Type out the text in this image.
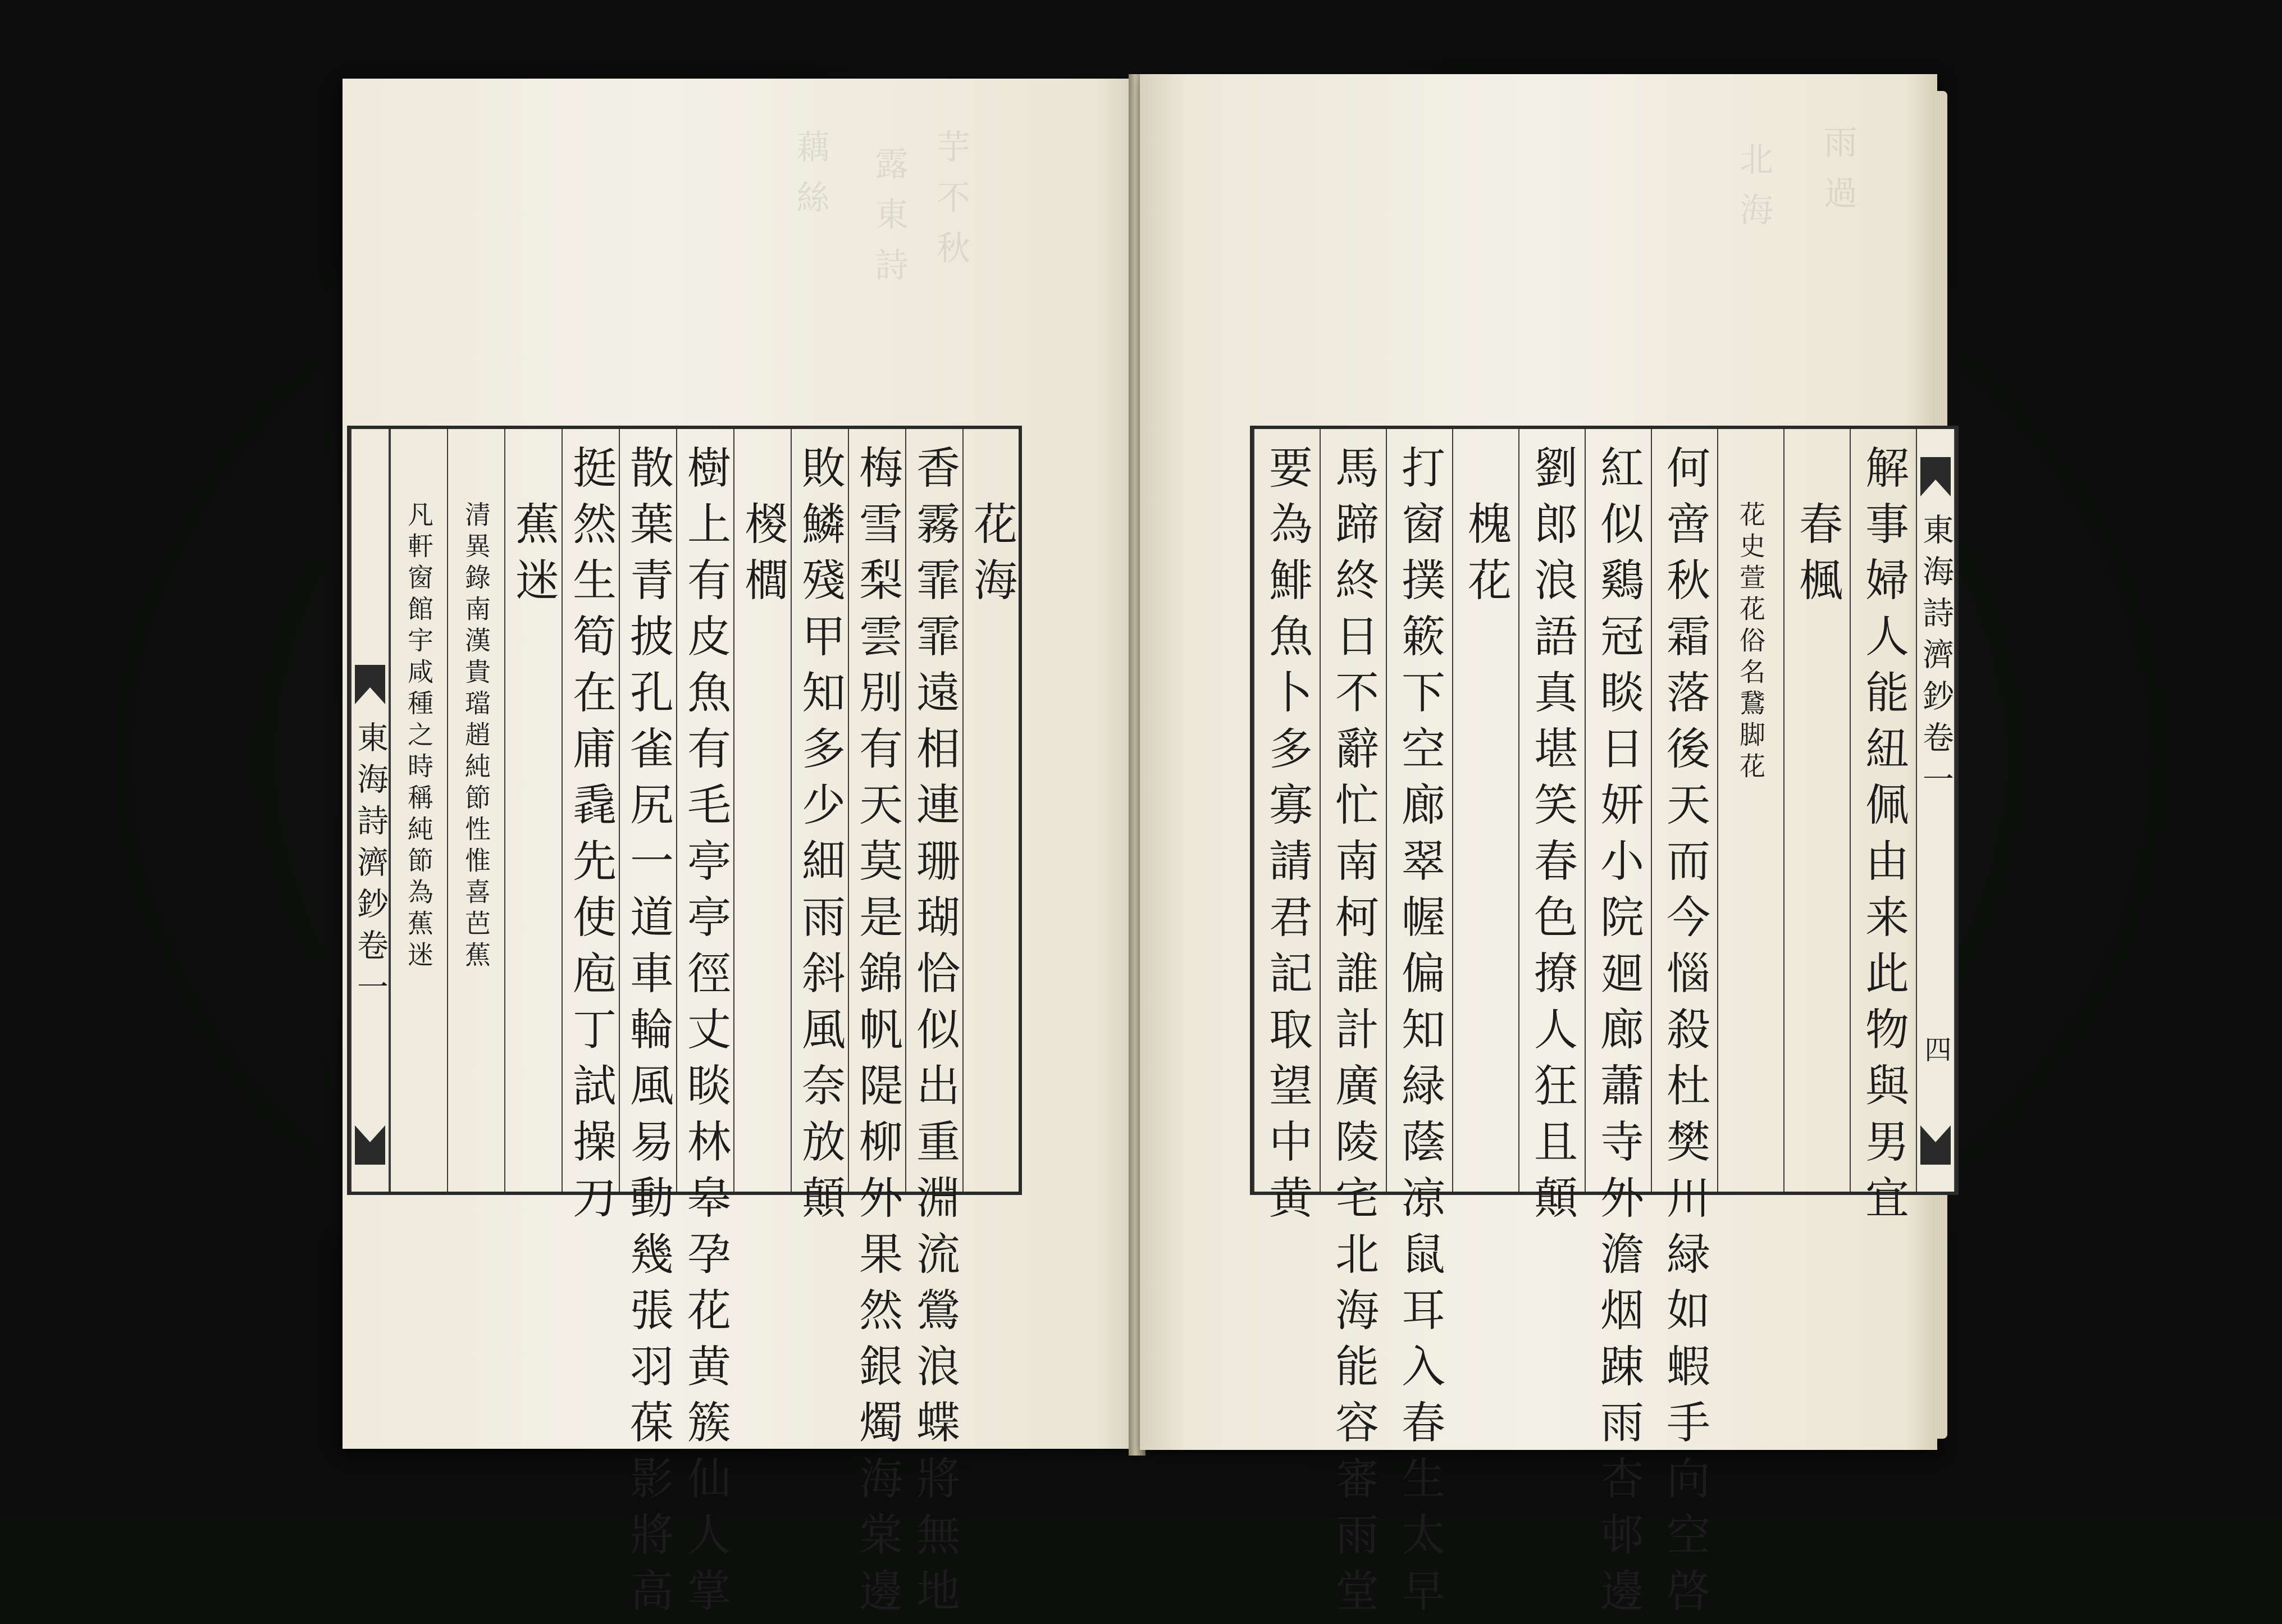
芋不秋
露東詩
藕絲	雨過
北海
東海詩濟鈔卷一
花海
香霧霏霏遠相連珊瑚恰似出重淵流鶯浪蝶將無地
梅雪梨雲別有天莫是錦帆隄柳外果然銀燭海棠邊
敗鱗殘甲知多少細雨斜風奈放顛
椶櫚
樹上有皮魚有毛亭亭徑丈睒林皋孕花黄簇仙人掌
散葉青披孔雀尻一道車輪風易動幾張羽葆影將高
挺然生筍在庯毳先使庖丁試操刀
蕉迷
清異錄南漢貴璫趙純節性惟喜芭蕉
凡軒窗館宇咸種之時稱純節為蕉迷	解事婦人能紐佩由来此物與男宜
春楓
花史萱花俗名鵞脚花
何啻秋霜落後天而今惱殺杜樊川緑如蝦手向空啓
紅似鷄冠睒日妍小院廻廊蕭寺外澹烟踈雨杏邨邊
劉郎浪語真堪笑春色撩人狂且顛
槐花
打窗撲簌下空廊翠幄偏知緑蔭凉鼠耳入春生太早
馬蹄終日不辭忙南柯誰計廣陵宅北海能容審雨堂
要為鯡魚卜多寡請君記取望中黄	東海詩濟鈔卷一
四
